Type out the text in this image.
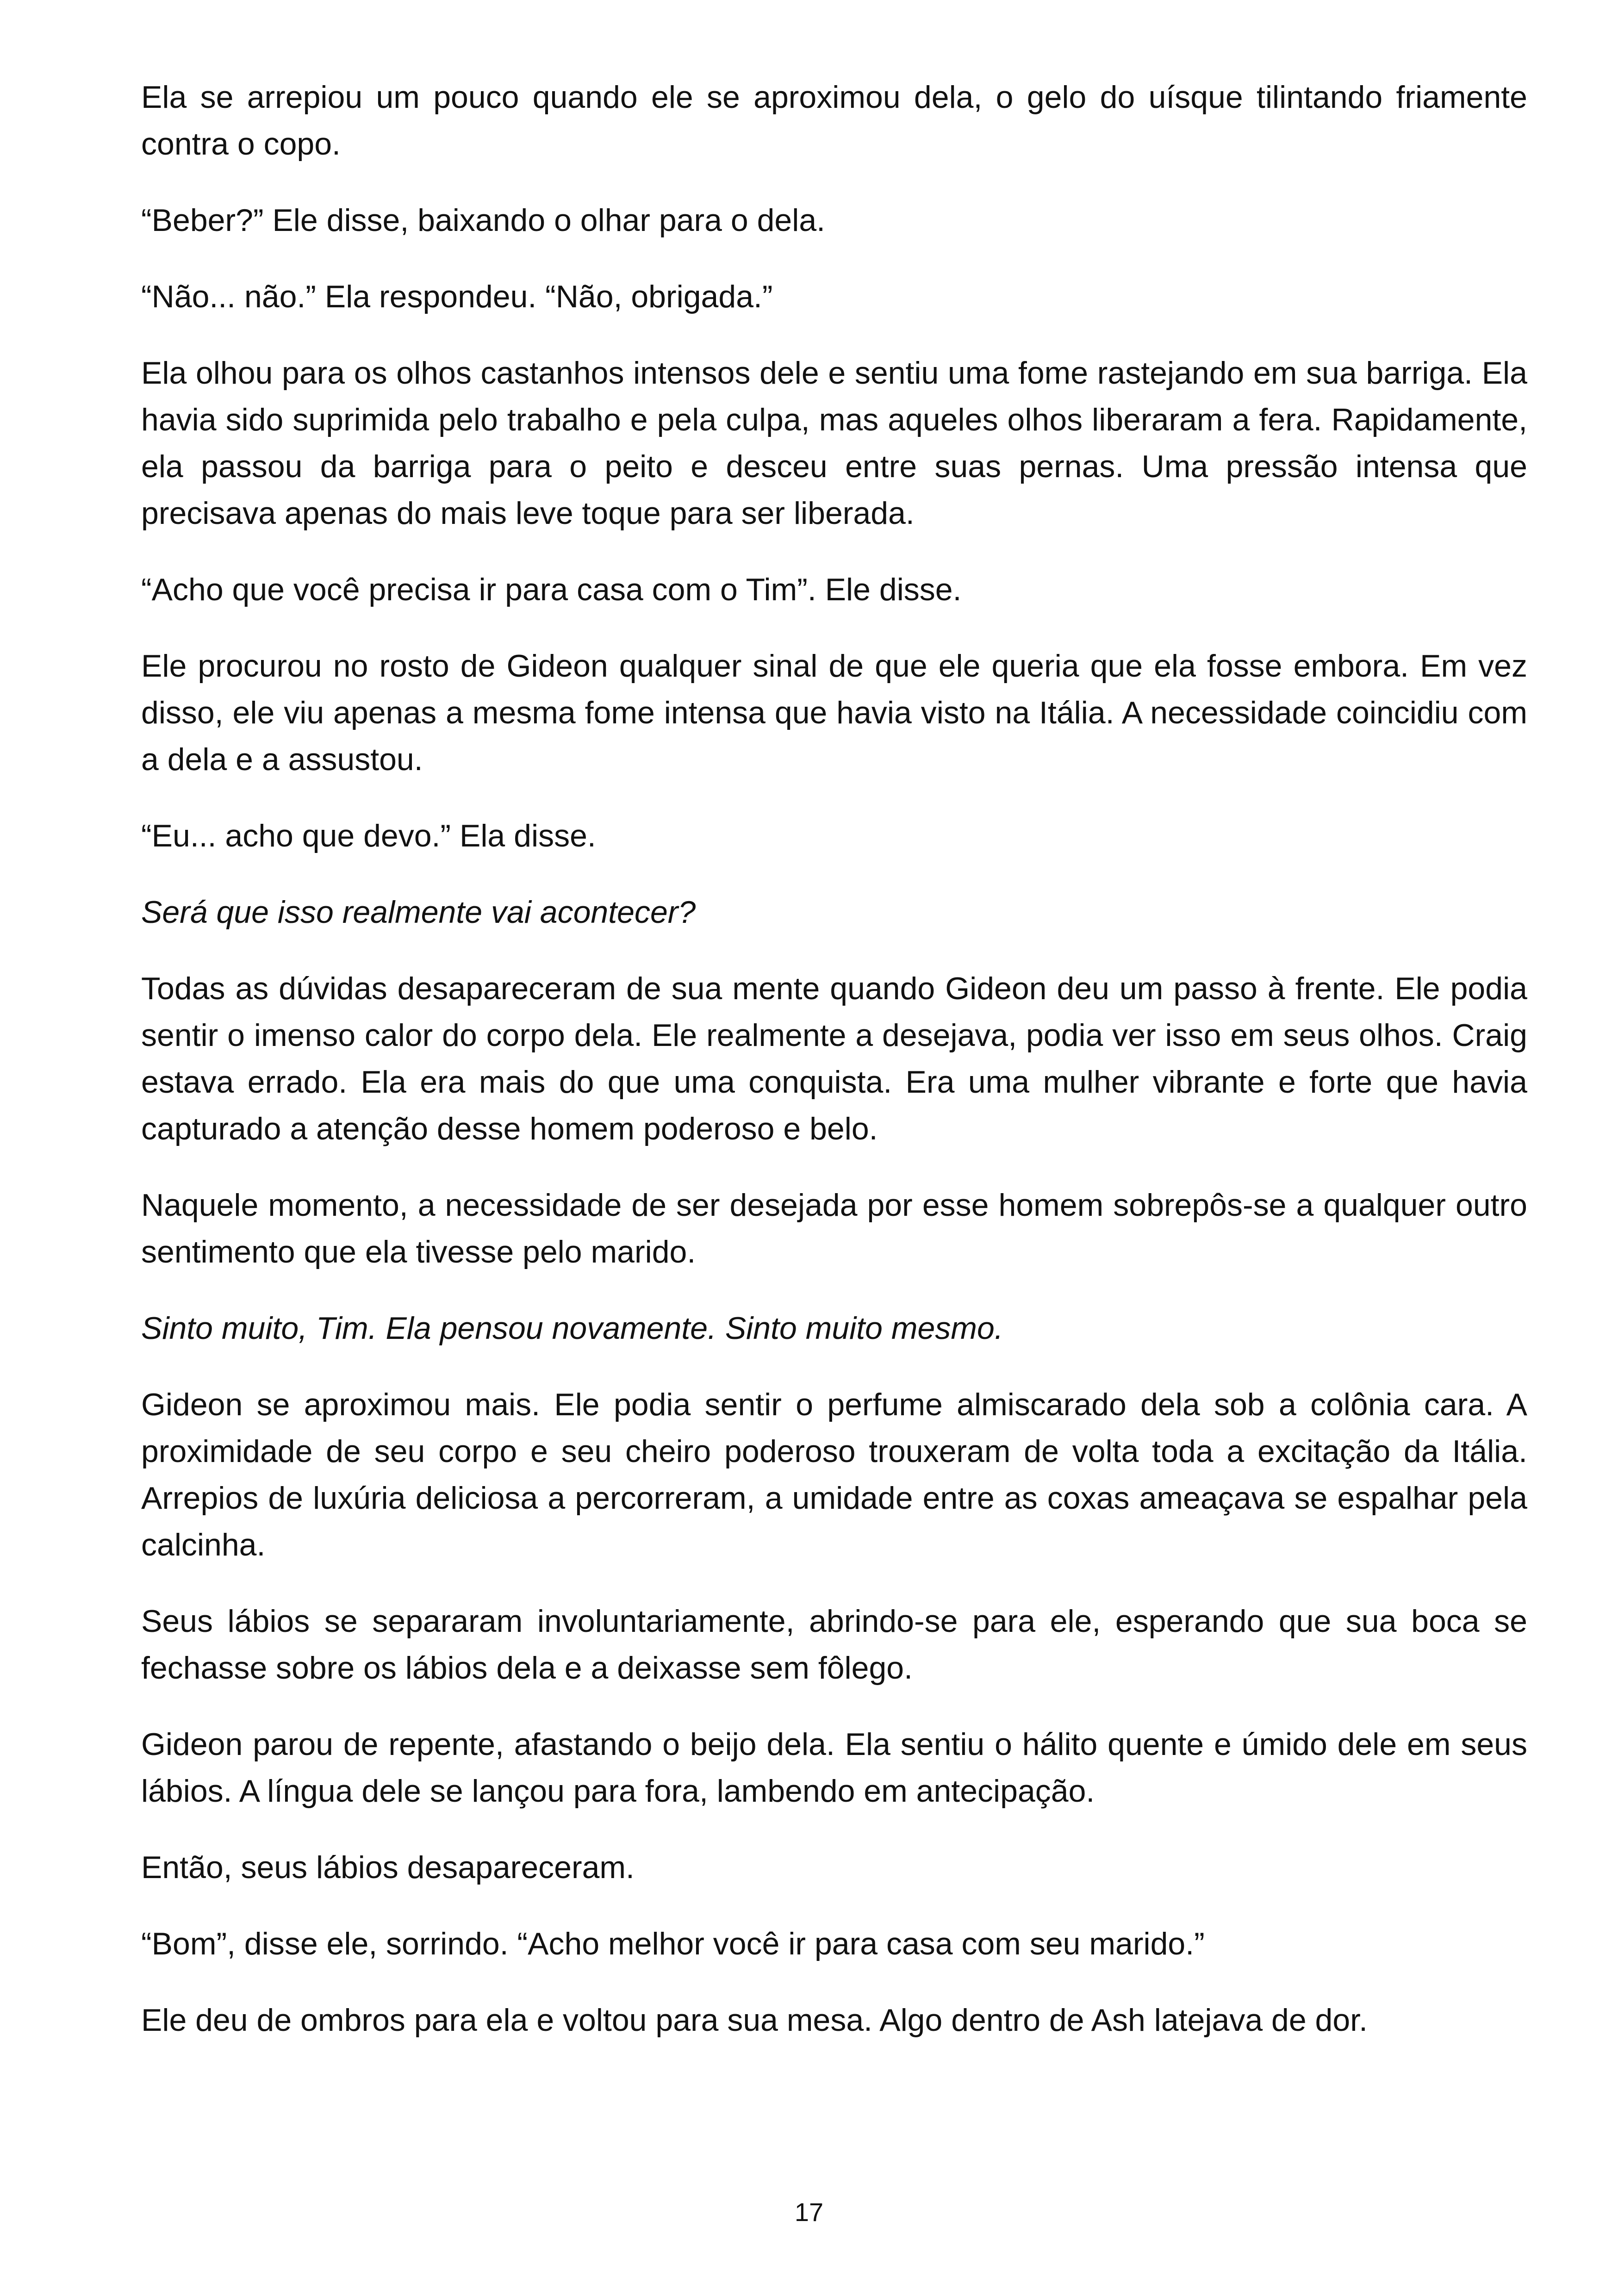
Ela se arrepiou um pouco quando ele se aproximou dela, o gelo do uísque tilintando friamente contra o copo.

“Beber?” Ele disse, baixando o olhar para o dela.

“Não... não.” Ela respondeu. “Não, obrigada.”

Ela olhou para os olhos castanhos intensos dele e sentiu uma fome rastejando em sua barriga. Ela havia sido suprimida pelo trabalho e pela culpa, mas aqueles olhos liberaram a fera. Rapidamente, ela passou da barriga para o peito e desceu entre suas pernas. Uma pressão intensa que precisava apenas do mais leve toque para ser liberada.

“Acho que você precisa ir para casa com o Tim”. Ele disse.

Ele procurou no rosto de Gideon qualquer sinal de que ele queria que ela fosse embora. Em vez disso, ele viu apenas a mesma fome intensa que havia visto na Itália. A necessidade coincidiu com a dela e a assustou.

“Eu... acho que devo.” Ela disse.

Será que isso realmente vai acontecer?

Todas as dúvidas desapareceram de sua mente quando Gideon deu um passo à frente. Ele podia sentir o imenso calor do corpo dela. Ele realmente a desejava, podia ver isso em seus olhos. Craig estava errado. Ela era mais do que uma conquista. Era uma mulher vibrante e forte que havia capturado a atenção desse homem poderoso e belo.

Naquele momento, a necessidade de ser desejada por esse homem sobrepôs-se a qualquer outro sentimento que ela tivesse pelo marido.

Sinto muito, Tim. Ela pensou novamente. Sinto muito mesmo.

Gideon se aproximou mais. Ele podia sentir o perfume almiscarado dela sob a colônia cara. A proximidade de seu corpo e seu cheiro poderoso trouxeram de volta toda a excitação da Itália. Arrepios de luxúria deliciosa a percorreram, a umidade entre as coxas ameaçava se espalhar pela calcinha.

Seus lábios se separaram involuntariamente, abrindo-se para ele, esperando que sua boca se fechasse sobre os lábios dela e a deixasse sem fôlego.

Gideon parou de repente, afastando o beijo dela. Ela sentiu o hálito quente e úmido dele em seus lábios. A língua dele se lançou para fora, lambendo em antecipação.

Então, seus lábios desapareceram.

“Bom”, disse ele, sorrindo. “Acho melhor você ir para casa com seu marido.”

Ele deu de ombros para ela e voltou para sua mesa. Algo dentro de Ash latejava de dor.

17
